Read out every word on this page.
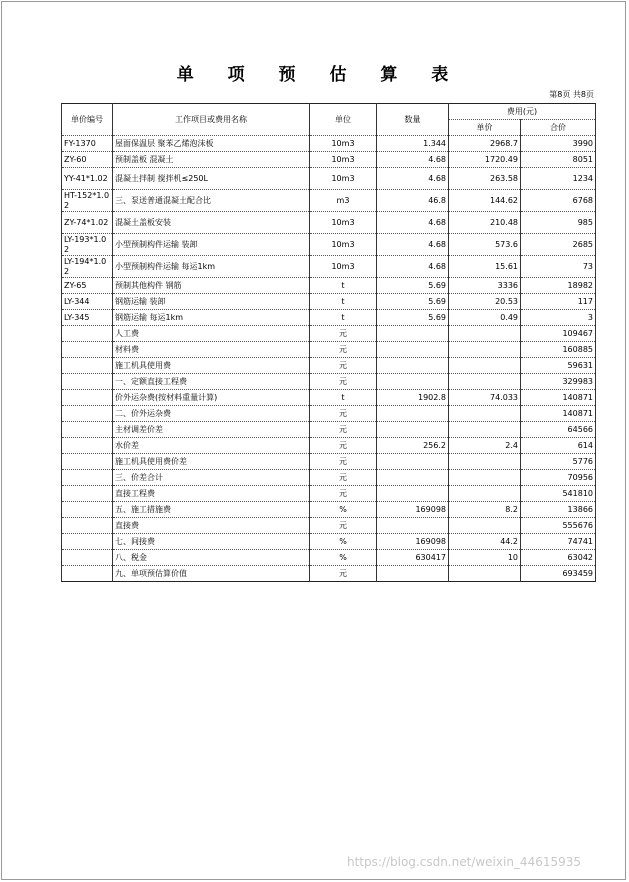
单 项 预 估 算 表
第8页 共8页
单价编号	工作项目或费用名称	单位	数量	费用(元)	
				单价	合价
FY-1370	屋面保温层 聚苯乙烯泡沫板	10m3	1.344	2968.7	3990
ZY-60	预制盖板 混凝土	10m3	4.68	1720.49	8051
YY-41*1.02	混凝土拌制 搅拌机≤250L	10m3	4.68	263.58	1234
HT-152*1.02	三、泵送普通混凝土配合比	m3	46.8	144.62	6768
ZY-74*1.02	混凝土盖板安装	10m3	4.68	210.48	985
LY-193*1.02	小型预制构件运输 装卸	10m3	4.68	573.6	2685
LY-194*1.02	小型预制构件运输 每运1km	10m3	4.68	15.61	73
ZY-65	预制其他构件 钢筋	t	5.69	3336	18982
LY-344	钢筋运输 装卸	t	5.69	20.53	117
LY-345	钢筋运输 每运1km	t	5.69	0.49	3
	人工费	元			109467
	材料费	元			160885
	施工机具使用费	元			59631
	一、定额直接工程费	元			329983
	价外运杂费(按材料重量计算)	t	1902.8	74.033	140871
	二、价外运杂费	元			140871
	主材调差价差	元			64566
	水价差	元	256.2	2.4	614
	施工机具使用费价差	元			5776
	三、价差合计	元			70956
	直接工程费	元			541810
	五、施工措施费	%	169098	8.2	13866
	直接费	元			555676
	七、间接费	%	169098	44.2	74741
	八、税金	%	630417	10	63042
	九、单项预估算价值	元			693459
https://blog.csdn.net/weixin_44615935
